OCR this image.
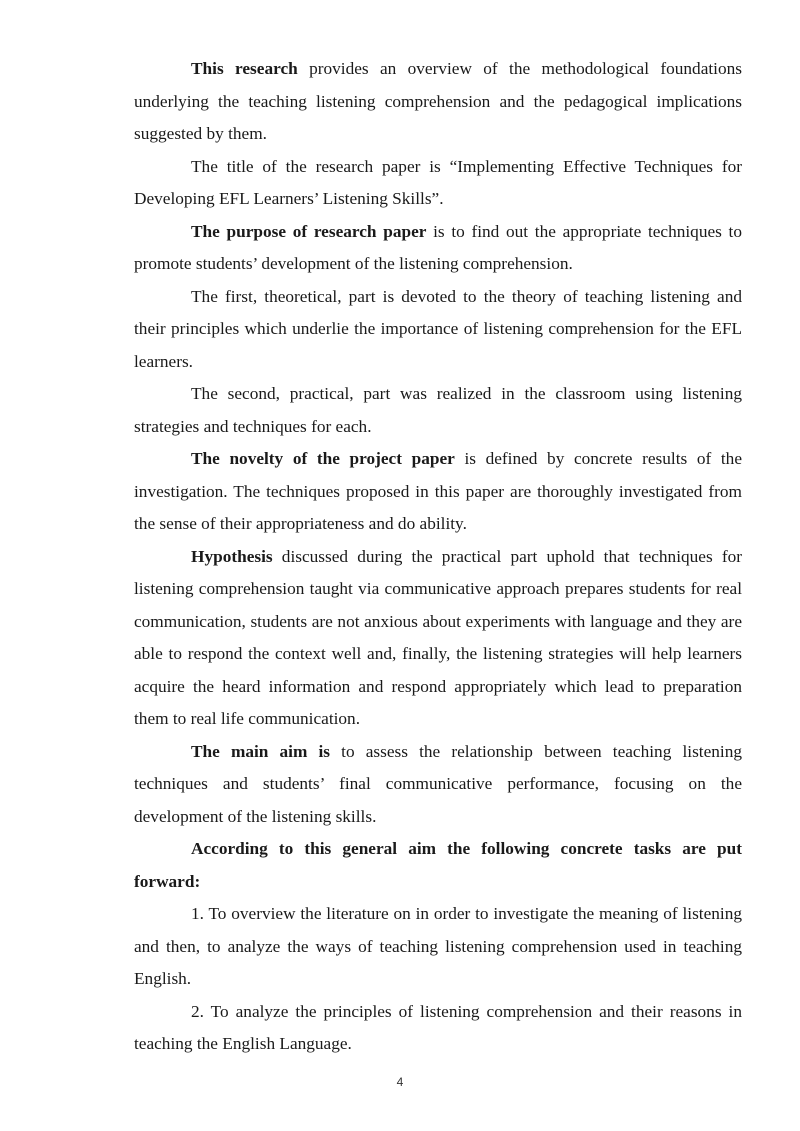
This research provides an overview of the methodological foundations underlying the teaching listening comprehension and the pedagogical implications suggested by them.

The title of the research paper is “Implementing Effective Techniques for Developing EFL Learners’ Listening Skills”.

The purpose of research paper is to find out the appropriate techniques to promote students’ development of the listening comprehension.

The first, theoretical, part is devoted to the theory of teaching listening and their principles which underlie the importance of listening comprehension for the EFL learners.

The second, practical, part was realized in the classroom using listening strategies and techniques for each.

The novelty of the project paper is defined by concrete results of the investigation. The techniques proposed in this paper are thoroughly investigated from the sense of their appropriateness and do ability.

Hypothesis discussed during the practical part uphold that techniques for listening comprehension taught via communicative approach prepares students for real communication, students are not anxious about experiments with language and they are able to respond the context well and, finally, the listening strategies will help learners acquire the heard information and respond appropriately which lead to preparation them to real life communication.

The main aim is to assess the relationship between teaching listening techniques and students’ final communicative performance, focusing on the development of the listening skills.

According to this general aim the following concrete tasks are put forward:

1. To overview the literature on in order to investigate the meaning of listening and then, to analyze the ways of teaching listening comprehension used in teaching English.

2. To analyze the principles of listening comprehension and their reasons in teaching the English Language.

4
